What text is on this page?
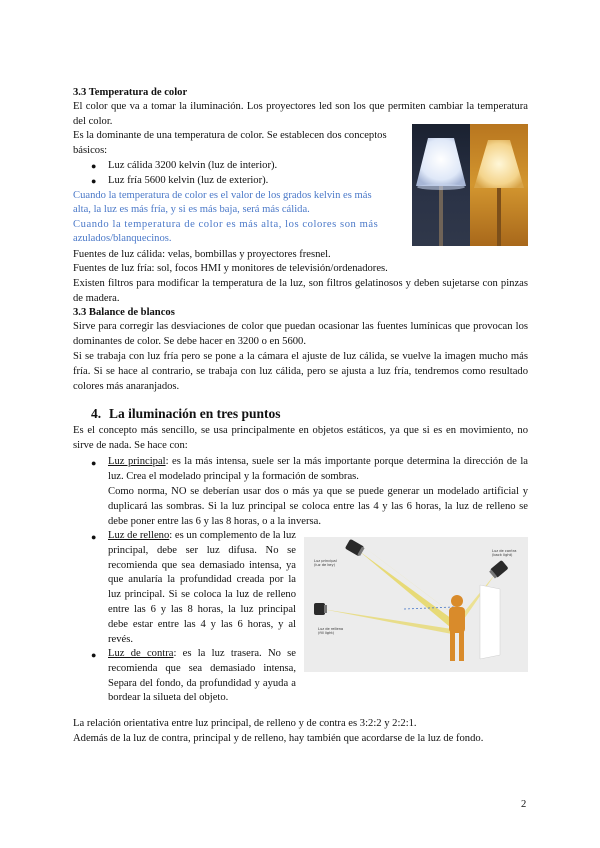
3.3 Temperatura de color
El color que va a tomar la iluminación. Los proyectores led son los que permiten cambiar la temperatura del color.
Es la dominante de una temperatura de color. Se establecen dos conceptos
básicos:
● Luz cálida 3200 kelvin (luz de interior).
● Luz fría 5600 kelvin (luz de exterior).
Cuando la temperatura de color es el valor de los grados kelvin es más
alta, la luz es más fría, y si es más baja, será más cálida.
Cuando la temperatura de color es más alta, los colores son más
azulados/blanquecinos.
Fuentes de luz cálida: velas, bombillas y proyectores fresnel.
Fuentes de luz fría: sol, focos HMI y monitores de televisión/ordenadores.
Existen filtros para modificar la temperatura de la luz, son filtros gelatinosos y deben sujetarse con pinzas de madera.
3.3 Balance de blancos
Sirve para corregir las desviaciones de color que puedan ocasionar las fuentes lumínicas que provocan los dominantes de color. Se debe hacer en 3200 o en 5600.
Si se trabaja con luz fría pero se pone a la cámara el ajuste de luz cálida, se vuelve la imagen mucho más fría. Si se hace al contrario, se trabaja con luz cálida, pero se ajusta a luz fría, tendremos como resultado colores más anaranjados.
4. La iluminación en tres puntos
Es el concepto más sencillo, se usa principalmente en objetos estáticos, ya que si es en movimiento, no sirve de nada. Se hace con:
● Luz principal: es la más intensa, suele ser la más importante porque determina la dirección de la luz. Crea el modelado principal y la formación de sombras.
Como norma, NO se deberían usar dos o más ya que se puede generar un modelado artificial y duplicará las sombras. Si la luz principal se coloca entre las 4 y las 6 horas, la luz de relleno se debe poner entre las 6 y las 8 horas, o a la inversa.
● Luz de relleno: es un complemento de la luz principal, debe ser luz difusa. No se recomienda que sea demasiado intensa, ya que anularía la profundidad creada por la luz principal. Si se coloca la luz de relleno entre las 6 y las 8 horas, la luz principal debe estar entre las 4 y las 6 horas, y al revés.
● Luz de contra: es la luz trasera. No se recomienda que sea demasiado intensa, Separa del fondo, da profundidad y ayuda a bordear la silueta del objeto.
Luz principal
(luz de key)
Luz de contra
(back light)
Luz de relleno
(fill light)
La relación orientativa entre luz principal, de relleno y de contra es 3:2:2 y 2:2:1.
Además de la luz de contra, principal y de relleno, hay también que acordarse de la luz de fondo.
2
